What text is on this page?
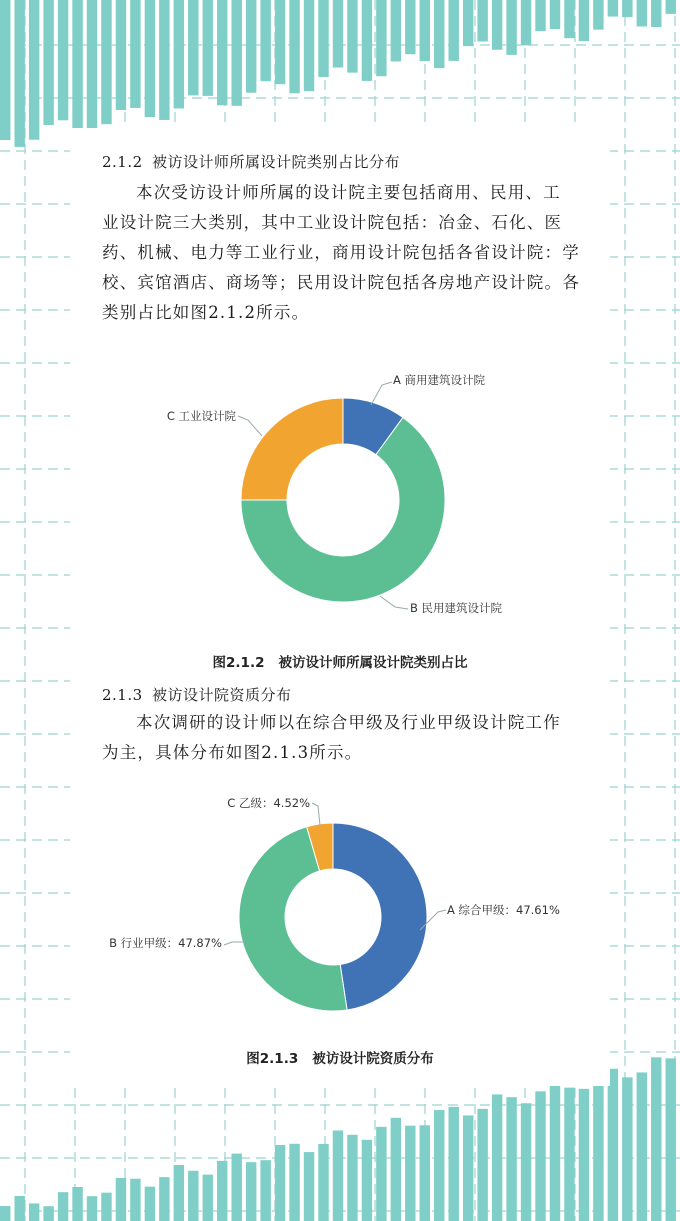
2.1.2 被访设计师所属设计院类别占比分布
本次受访设计师所属的设计院主要包括商用、民用、工
业设计院三大类别，其中工业设计院包括：冶金、石化、医
药、机械、电力等工业行业，商用设计院包括各省设计院：学
校、宾馆酒店、商场等；民用设计院包括各房地产设计院。各
类别占比如图2.1.2所示。
A 商用建筑设计院
B 民用建筑设计院
C 工业设计院
图2.1.2 被访设计师所属设计院类别占比
2.1.3 被访设计院资质分布
本次调研的设计师以在综合甲级及行业甲级设计院工作
为主，具体分布如图2.1.3所示。
A 综合甲级：47.61%
B 行业甲级：47.87%
C 乙级：4.52%
图2.1.3 被访设计院资质分布
